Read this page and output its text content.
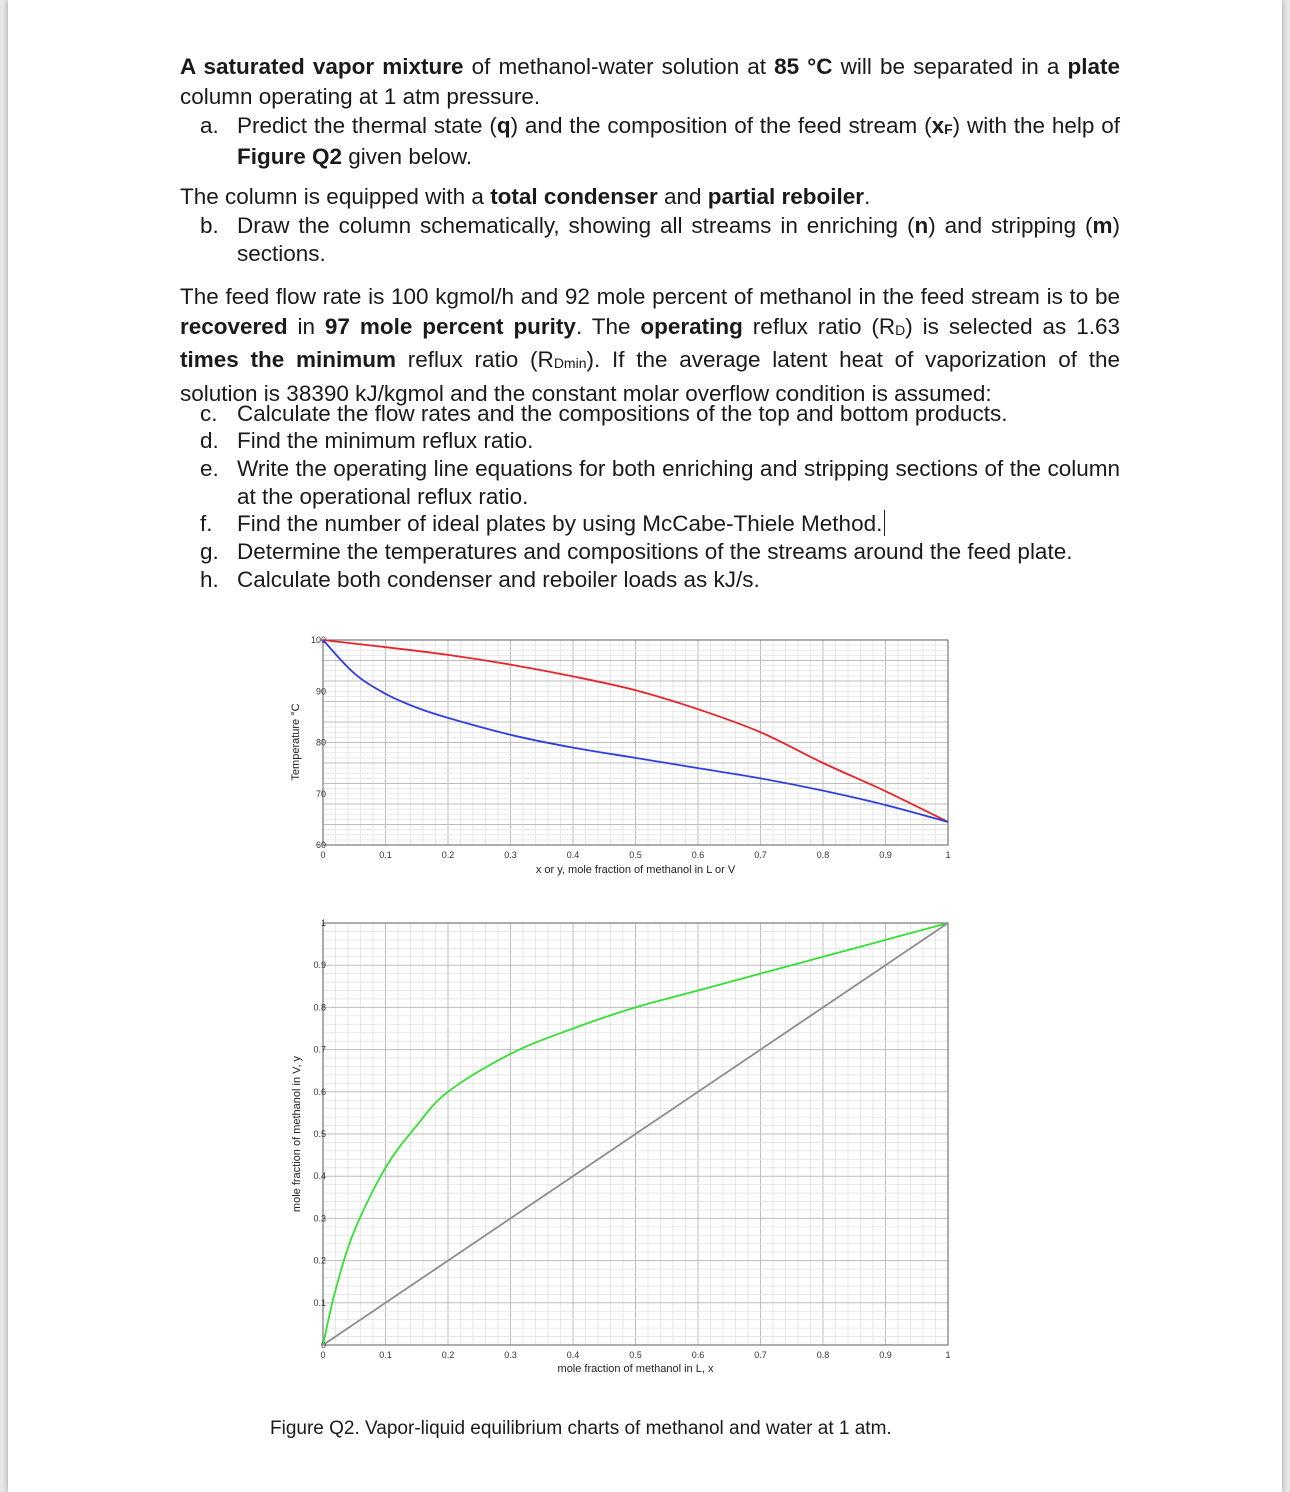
A saturated vapor mixture of methanol-water solution at 85 °C will be separated in a plate column operating at 1 atm pressure.

a. Predict the thermal state (q) and the composition of the feed stream $(x_F)$ with the help of Figure Q2 given below.

The column is equipped with a total condenser and partial reboiler.

b. Draw the column schematically, showing all streams in enriching (n) and stripping (m) sections.

The feed flow rate is 100 kgmol/h and 92 mole percent of methanol in the feed stream is to be recovered in 97 mole percent purity. The operating reflux ratio $(R_D)$ is selected as 1.63 times the minimum reflux ratio $(R_{Dmin})$. If the average latent heat of vaporization of the solution is 38390 kJ/kgmol and the constant molar overflow condition is assumed:

c. Calculate the flow rates and the compositions of the top and bottom products.
d. Find the minimum reflux ratio.
e. Write the operating line equations for both enriching and stripping sections of the column at the operational reflux ratio.
f.	Find the number of ideal plates by using McCabe-Thiele Method.
g. Determine the temperatures and compositions of the streams around the feed plate.
h. Calculate both condenser and reboiler loads as kJ/s.
0	0.1	0.2	0.3	0.4	0.5	0.6	0.7	0.8	0.9	1
60
70
80
90
100
x or y, mole fraction of methanol in L or V
Temperature °C
0	0.1	0.2	0.3	0.4	0.5	0.6	0.7	0.8	0.9	1
0
0.1
0.2
0.3
0.4
0.5
0.6
0.7
0.8
0.9
1
mole fraction of methanol in L, x
mole fraction of methanol in V, y

Figure Q2. Vapor-liquid equilibrium charts of methanol and water at 1 atm.
